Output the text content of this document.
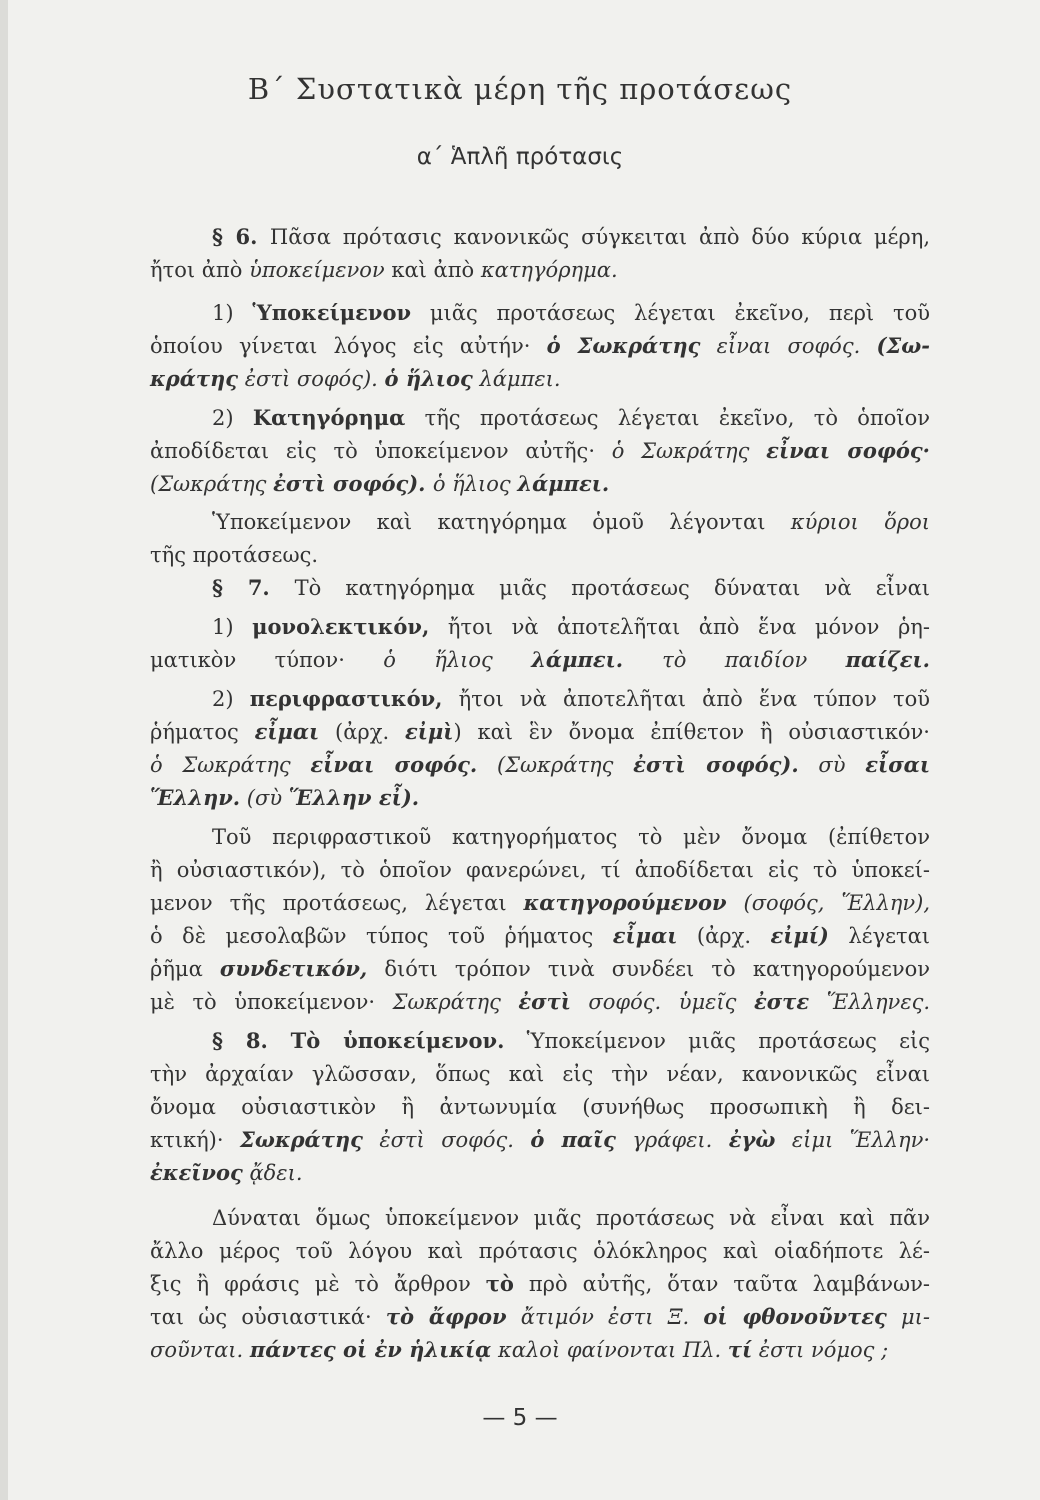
Β΄ Συστατικὰ μέρη τῆς προτάσεως
α΄ Ἁπλῆ πρότασις
§ 6. Πᾶσα πρότασις κανονικῶς σύγκειται ἀπὸ δύο κύρια μέρη,
ἤτοι ἀπὸ ὑποκείμενον καὶ ἀπὸ κατηγόρημα.
1) Ὑποκείμενον μιᾶς προτάσεως λέγεται ἐκεῖνο, περὶ τοῦ
ὁποίου γίνεται λόγος εἰς αὐτήν· ὁ Σωκράτης εἶναι σοφός. (Σω-
κράτης ἐστὶ σοφός). ὁ ἥλιος λάμπει.
2) Κατηγόρημα τῆς προτάσεως λέγεται ἐκεῖνο, τὸ ὁποῖον
ἀποδίδεται εἰς τὸ ὑποκείμενον αὐτῆς· ὁ Σωκράτης εἶναι σοφός·
(Σωκράτης ἐστὶ σοφός). ὁ ἥλιος λάμπει.
Ὑποκείμενον καὶ κατηγόρημα ὁμοῦ λέγονται κύριοι ὅροι
τῆς προτάσεως.
§ 7. Τὸ κατηγόρημα μιᾶς προτάσεως δύναται νὰ εἶναι
1) μονολεκτικόν, ἤτοι νὰ ἀποτελῆται ἀπὸ ἕνα μόνον ῥη-
ματικὸν τύπον· ὁ ἥλιος λάμπει. τὸ παιδίον παίζει.
2) περιφραστικόν, ἤτοι νὰ ἀποτελῆται ἀπὸ ἕνα τύπον τοῦ
ῥήματος εἶμαι (ἀρχ. εἰμὶ) καὶ ἓν ὄνομα ἐπίθετον ἢ οὐσιαστικόν·
ὁ Σωκράτης εἶναι σοφός. (Σωκράτης ἐστὶ σοφός). σὺ εἶσαι
Ἕλλην. (σὺ Ἕλλην εἶ).
Τοῦ περιφραστικοῦ κατηγορήματος τὸ μὲν ὄνομα (ἐπίθετον
ἢ οὐσιαστικόν), τὸ ὁποῖον φανερώνει, τί ἀποδίδεται εἰς τὸ ὑποκεί-
μενον τῆς προτάσεως, λέγεται κατηγορούμενον (σοφός, Ἕλλην),
ὁ δὲ μεσολαβῶν τύπος τοῦ ῥήματος εἶμαι (ἀρχ. εἰμί) λέγεται
ῥῆμα συνδετικόν, διότι τρόπον τινὰ συνδέει τὸ κατηγορούμενον
μὲ τὸ ὑποκείμενον· Σωκράτης ἐστὶ σοφός. ὑμεῖς ἐστε Ἕλληνες.
§ 8. Τὸ ὑποκείμενον. Ὑποκείμενον μιᾶς προτάσεως εἰς
τὴν ἀρχαίαν γλῶσσαν, ὅπως καὶ εἰς τὴν νέαν, κανονικῶς εἶναι
ὄνομα οὐσιαστικὸν ἢ ἀντωνυμία (συνήθως προσωπικὴ ἢ δει-
κτική)· Σωκράτης ἐστὶ σοφός. ὁ παῖς γράφει. ἐγὼ εἰμι Ἕλλην·
ἐκεῖνος ᾄδει.
Δύναται ὅμως ὑποκείμενον μιᾶς προτάσεως νὰ εἶναι καὶ πᾶν
ἄλλο μέρος τοῦ λόγου καὶ πρότασις ὁλόκληρος καὶ οἱαδήποτε λέ-
ξις ἢ φράσις μὲ τὸ ἄρθρον τὸ πρὸ αὐτῆς, ὅταν ταῦτα λαμβάνων-
ται ὡς οὐσιαστικά· τὸ ἄφρον ἄτιμόν ἐστι Ξ. οἱ φθονοῦντες μι-
σοῦνται. πάντες οἱ ἐν ἡλικίᾳ καλοὶ φαίνονται Πλ. τί ἐστι νόμος ;
— 5 —
